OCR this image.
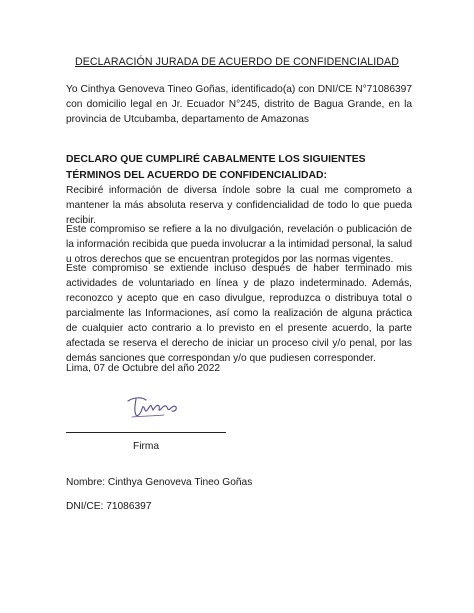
DECLARACIÓN JURADA DE ACUERDO DE CONFIDENCIALIDAD

Yo Cinthya Genoveva Tineo Goñas, identificado(a) con DNI/CE N°71086397 con domicilio legal en Jr. Ecuador N°245, distrito de Bagua Grande, en la provincia de Utcubamba, departamento de Amazonas

DECLARO QUE CUMPLIRÉ CABALMENTE LOS SIGUIENTES TÉRMINOS DEL ACUERDO DE CONFIDENCIALIDAD:

Recibiré información de diversa índole sobre la cual me comprometo a mantener la más absoluta reserva y confidencialidad de todo lo que pueda recibir.

Este compromiso se refiere a la no divulgación, revelación o publicación de la información recibida que pueda involucrar a la intimidad personal, la salud u otros derechos que se encuentran protegidos por las normas vigentes.

Este compromiso se extiende incluso después de haber terminado mis actividades de voluntariado en línea y de plazo indeterminado. Además, reconozco y acepto que en caso divulgue, reproduzca o distribuya total o parcialmente las Informaciones, así como la realización de alguna práctica de cualquier acto contrario a lo previsto en el presente acuerdo, la parte afectada se reserva el derecho de iniciar un proceso civil y/o penal, por las demás sanciones que correspondan y/o que pudiesen corresponder.

Lima, 07 de Octubre del año 2022
Firma
Nombre: Cinthya Genoveva Tineo Goñas
DNI/CE: 71086397
